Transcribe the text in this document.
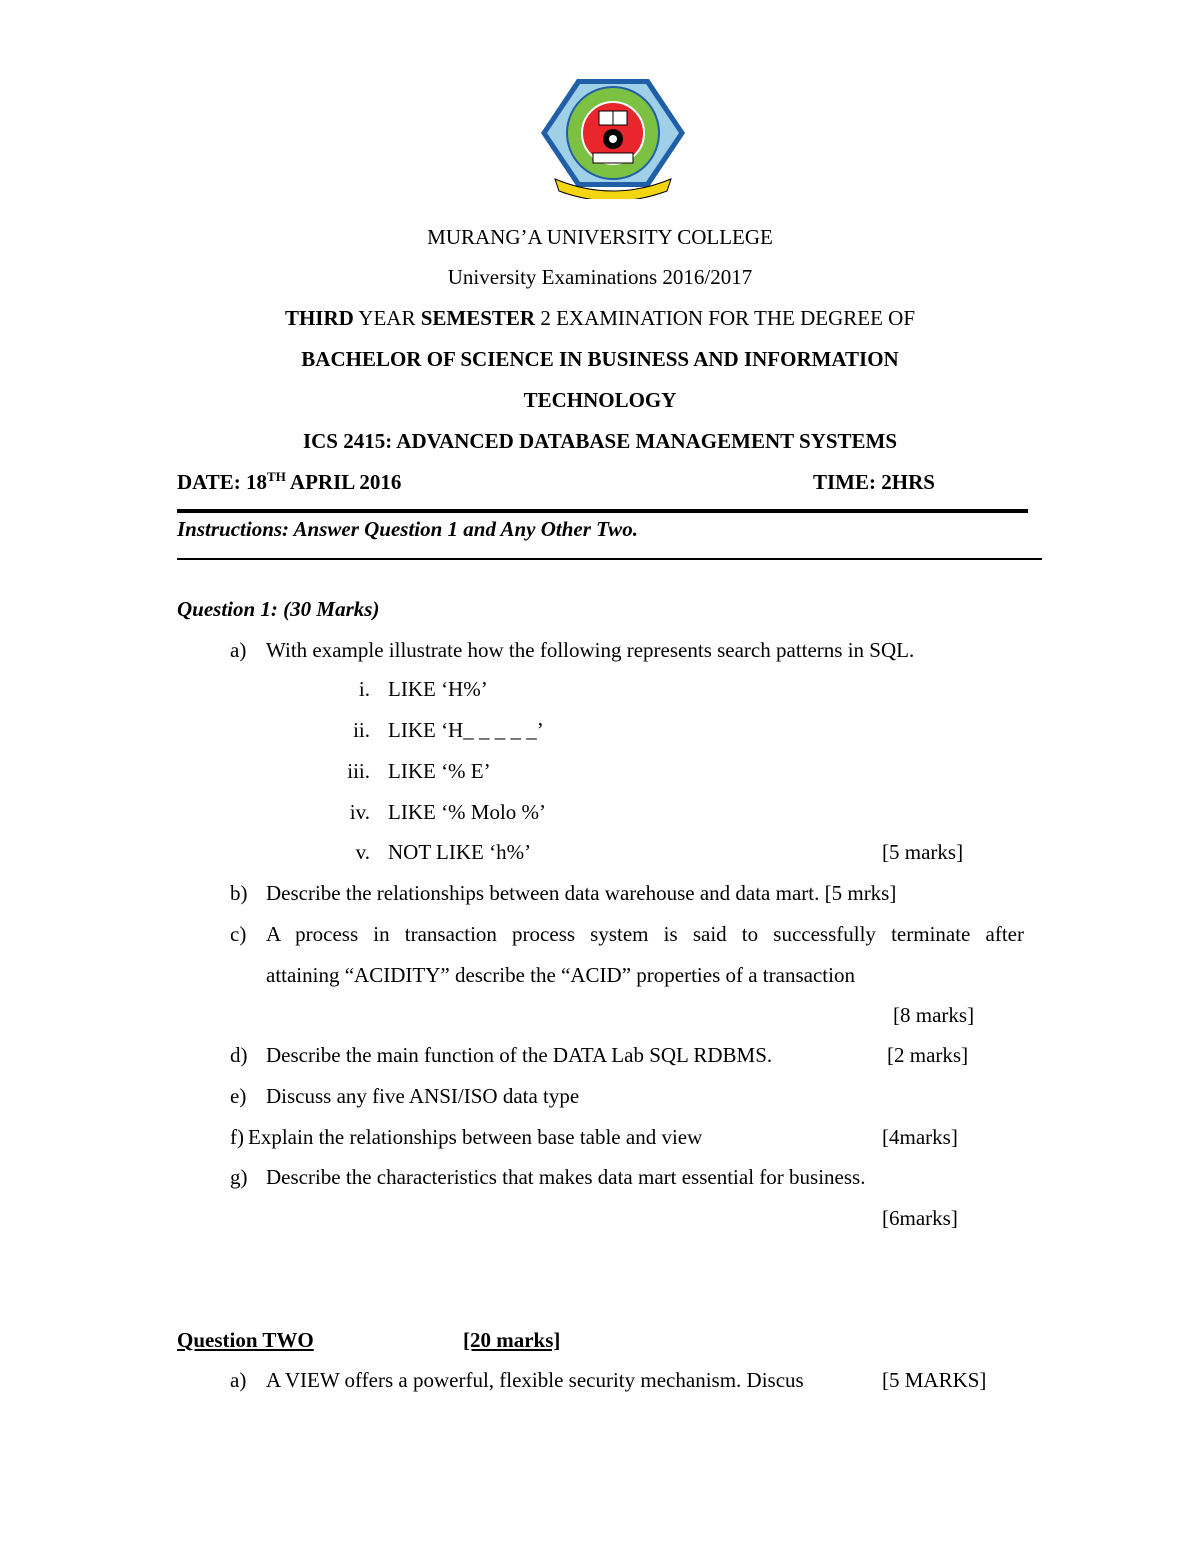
MURANG’A UNIVERSITY COLLEGE
University Examinations 2016/2017
THIRD YEAR SEMESTER 2 EXAMINATION FOR THE DEGREE OF
BACHELOR OF SCIENCE IN BUSINESS AND INFORMATION
TECHNOLOGY
ICS 2415: ADVANCED DATABASE MANAGEMENT SYSTEMS
DATE: 18TH APRIL 2016	TIME: 2HRS
Instructions: Answer Question 1 and Any Other Two.
Question 1: (30 Marks)
a) With example illustrate how the following represents search patterns in SQL.
i. LIKE ‘H%’
ii. LIKE ‘H_ _ _ _ _’
iii. LIKE ‘% E’
iv. LIKE ‘% Molo %’
v. NOT LIKE ‘h%’	[5 marks]
b) Describe the relationships between data warehouse and data mart. [5 mrks]
c) A process in transaction process system is said to successfully terminate after
attaining “ACIDITY” describe the “ACID” properties of a transaction
[8 marks]
d) Describe the main function of the DATA Lab SQL RDBMS.	[2 marks]
e) Discuss any five ANSI/ISO data type
f) Explain the relationships between base table and view	[4marks]
g) Describe the characteristics that makes data mart essential for business.
[6marks]
Question TWO	[20 marks]
a) A VIEW offers a powerful, flexible security mechanism. Discus	[5 MARKS]
